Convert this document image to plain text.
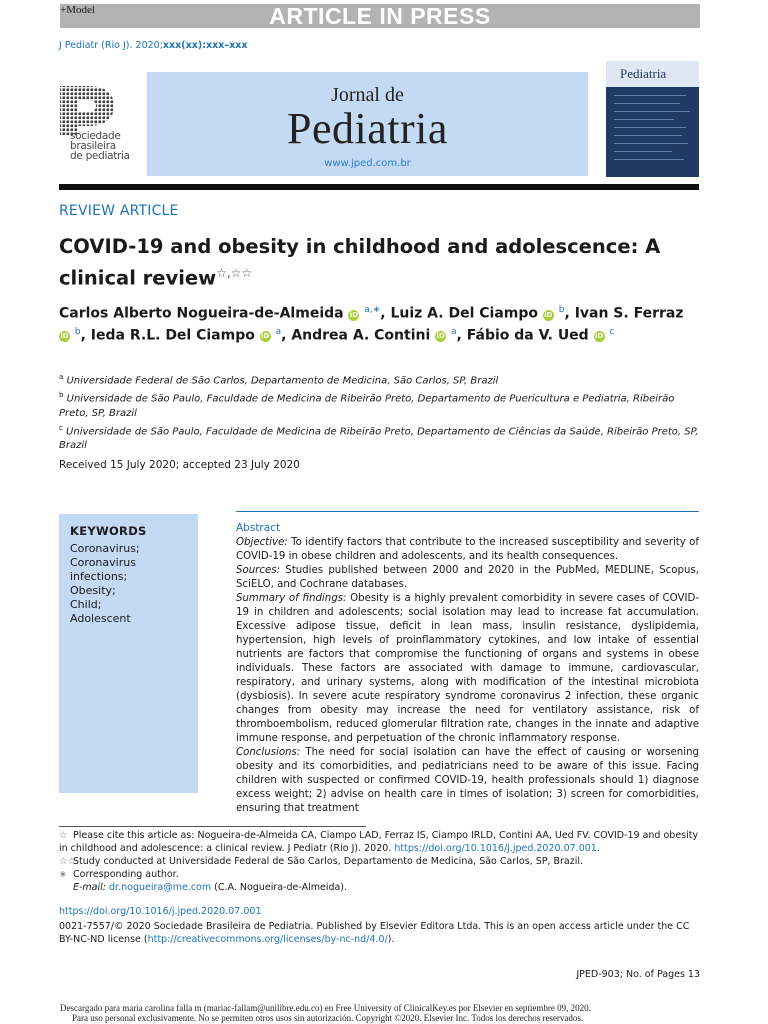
+Model	ARTICLE IN PRESS
J Pediatr (Rio J). 2020;xxx(xx):xxx–xxx
sociedade
brasileira
de pediatria
Jornal de
Pediatria
www.jped.com.br
Pediatria
REVIEW ARTICLE
COVID-19 and obesity in childhood and adolescence: A clinical review☆,☆☆
Carlos Alberto Nogueira-de-Almeida iD $^{a,∗}$, Luiz A. Del Ciampo iD $^b$, Ivan S. Ferraz iD $^b$, Ieda R.L. Del Ciampo iD $^a$, Andrea A. Contini iD $^a$, Fábio da V. Ued iD $^c$
$^a$ Universidade Federal de São Carlos, Departamento de Medicina, São Carlos, SP, Brazil
$^b$ Universidade de São Paulo, Faculdade de Medicina de Ribeirão Preto, Departamento de Puericultura e Pediatria, Ribeirão Preto, SP, Brazil
$^c$ Universidade de São Paulo, Faculdade de Medicina de Ribeirão Preto, Departamento de Ciências da Saúde, Ribeirão Preto, SP, Brazil
Received 15 July 2020; accepted 23 July 2020
KEYWORDS
Coronavirus;
Coronavirus
infections;
Obesity;
Child;
Adolescent
Abstract
Objective: To identify factors that contribute to the increased susceptibility and severity of COVID-19 in obese children and adolescents, and its health consequences.
Sources: Studies published between 2000 and 2020 in the PubMed, MEDLINE, Scopus, SciELO, and Cochrane databases.
Summary of findings: Obesity is a highly prevalent comorbidity in severe cases of COVID-19 in children and adolescents; social isolation may lead to increase fat accumulation. Excessive adipose tissue, deficit in lean mass, insulin resistance, dyslipidemia, hypertension, high levels of proinflammatory cytokines, and low intake of essential nutrients are factors that compromise the functioning of organs and systems in obese individuals. These factors are associated with damage to immune, cardiovascular, respiratory, and urinary systems, along with modification of the intestinal microbiota (dysbiosis). In severe acute respiratory syndrome coronavirus 2 infection, these organic changes from obesity may increase the need for ventilatory assistance, risk of thromboembolism, reduced glomerular filtration rate, changes in the innate and adaptive immune response, and perpetuation of the chronic inflammatory response.
Conclusions: The need for social isolation can have the effect of causing or worsening obesity and its comorbidities, and pediatricians need to be aware of this issue. Facing children with suspected or confirmed COVID-19, health professionals should 1) diagnose excess weight; 2) advise on health care in times of isolation; 3) screen for comorbidities, ensuring that treatment
☆ Please cite this article as: Nogueira-de-Almeida CA, Ciampo LAD, Ferraz IS, Ciampo IRLD, Contini AA, Ued FV. COVID-19 and obesity in childhood and adolescence: a clinical review. J Pediatr (Rio J). 2020. https://doi.org/10.1016/j.jped.2020.07.001.
☆☆Study conducted at Universidade Federal de São Carlos, Departamento de Medicina, São Carlos, SP, Brazil.
∗ Corresponding author.
E-mail: dr.nogueira@me.com (C.A. Nogueira-de-Almeida).
https://doi.org/10.1016/j.jped.2020.07.001
0021-7557/© 2020 Sociedade Brasileira de Pediatria. Published by Elsevier Editora Ltda. This is an open access article under the CC BY-NC-ND license (http://creativecommons.org/licenses/by-nc-nd/4.0/).
JPED-903; No. of Pages 13
Descargado para maria carolina falla m (mariac-fallam@unilibre.edu.co) en Free University of ClinicalKey.es por Elsevier en septiembre 09, 2020.
Para uso personal exclusivamente. No se permiten otros usos sin autorización. Copyright ©2020. Elsevier Inc. Todos los derechos reservados.
